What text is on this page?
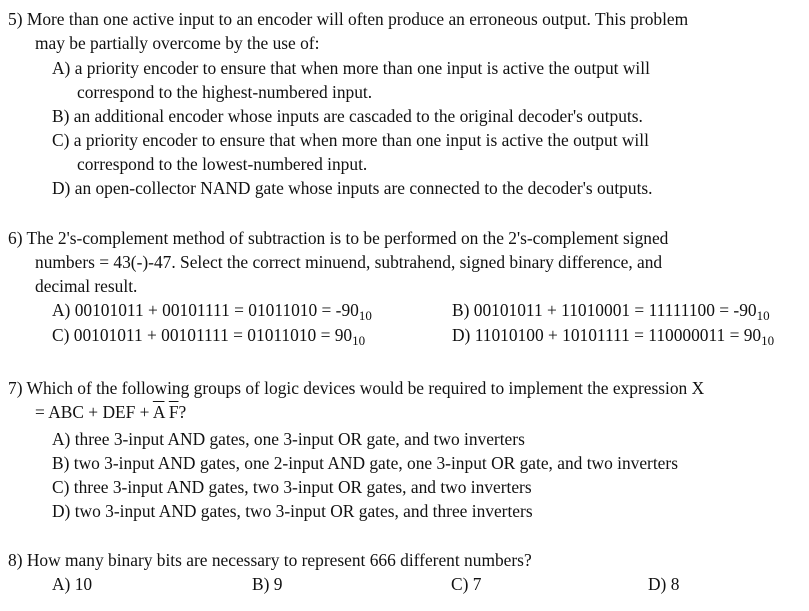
5) More than one active input to an encoder will often produce an erroneous output. This problem
may be partially overcome by the use of:
A) a priority encoder to ensure that when more than one input is active the output will
correspond to the highest-numbered input.
B) an additional encoder whose inputs are cascaded to the original decoder's outputs.
C) a priority encoder to ensure that when more than one input is active the output will
correspond to the lowest-numbered input.
D) an open-collector NAND gate whose inputs are connected to the decoder's outputs.
6) The 2's-complement method of subtraction is to be performed on the 2's-complement signed
numbers = 43(-)-47. Select the correct minuend, subtrahend, signed binary difference, and
decimal result.
A) $00101011 + 00101111 = 01011010 = -90_{10}$	B) $00101011 + 11010001 = 11111100 = -90_{10}$
C) $00101011 + 00101111 = 01011010 = 90_{10}$	D) $11010100 + 10101111 = 110000011 = 90_{10}$
7) Which of the following groups of logic devices would be required to implement the expression X
= ABC + DEF + $\overline{A}$ $\overline{F}$?
A) three 3-input AND gates, one 3-input OR gate, and two inverters
B) two 3-input AND gates, one 2-input AND gate, one 3-input OR gate, and two inverters
C) three 3-input AND gates, two 3-input OR gates, and two inverters
D) two 3-input AND gates, two 3-input OR gates, and three inverters
8) How many binary bits are necessary to represent 666 different numbers?
A) 10	B) 9	C) 7	D) 8
